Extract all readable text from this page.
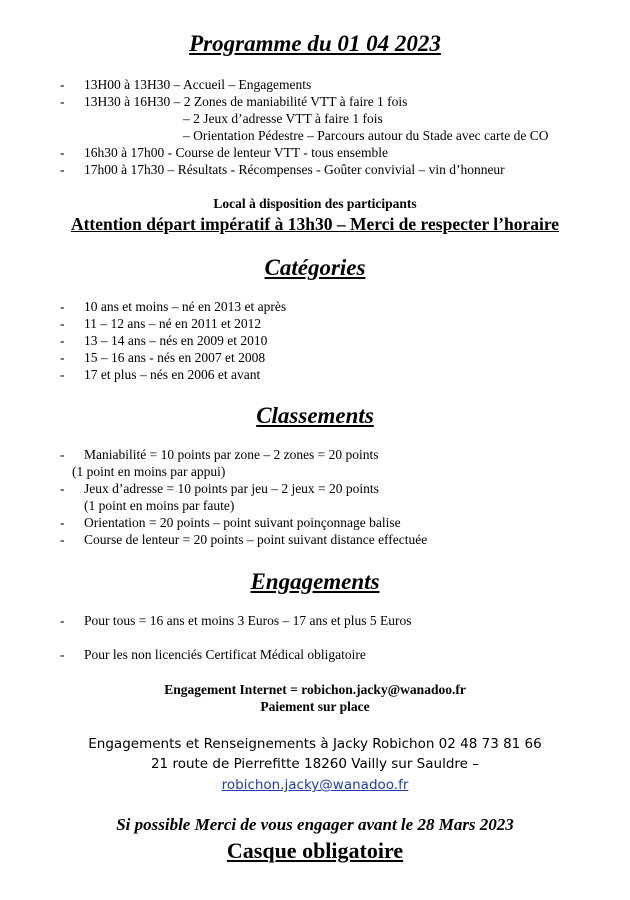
Programme du 01 04 2023
- 13H00 à 13H30 – Accueil – Engagements
- 13H30 à 16H30 – 2 Zones de maniabilité VTT à faire 1 fois
– 2 Jeux d’adresse VTT à faire 1 fois
– Orientation Pédestre – Parcours autour du Stade avec carte de CO
- 16h30 à 17h00 - Course de lenteur VTT - tous ensemble
- 17h00 à 17h30 – Résultats - Récompenses - Goûter convivial – vin d’honneur
Local à disposition des participants
Attention départ impératif à 13h30 – Merci de respecter l’horaire
Catégories
- 10 ans et moins – né en 2013 et après
- 11 – 12 ans – né en 2011 et 2012
- 13 – 14 ans – nés en 2009 et 2010
- 15 – 16 ans - nés en 2007 et 2008
- 17 et plus – nés en 2006 et avant
Classements
- Maniabilité = 10 points par zone – 2 zones = 20 points
(1 point en moins par appui)
- Jeux d’adresse = 10 points par jeu – 2 jeux = 20 points
(1 point en moins par faute)
- Orientation = 20 points – point suivant poinçonnage balise
- Course de lenteur = 20 points – point suivant distance effectuée
Engagements
- Pour tous = 16 ans et moins 3 Euros – 17 ans et plus 5 Euros
- Pour les non licenciés Certificat Médical obligatoire
Engagement Internet = robichon.jacky@wanadoo.fr
Paiement sur place
Engagements et Renseignements à Jacky Robichon 02 48 73 81 66
21 route de Pierrefitte 18260 Vailly sur Sauldre –
robichon.jacky@wanadoo.fr
Si possible Merci de vous engager avant le 28 Mars 2023
Casque obligatoire
